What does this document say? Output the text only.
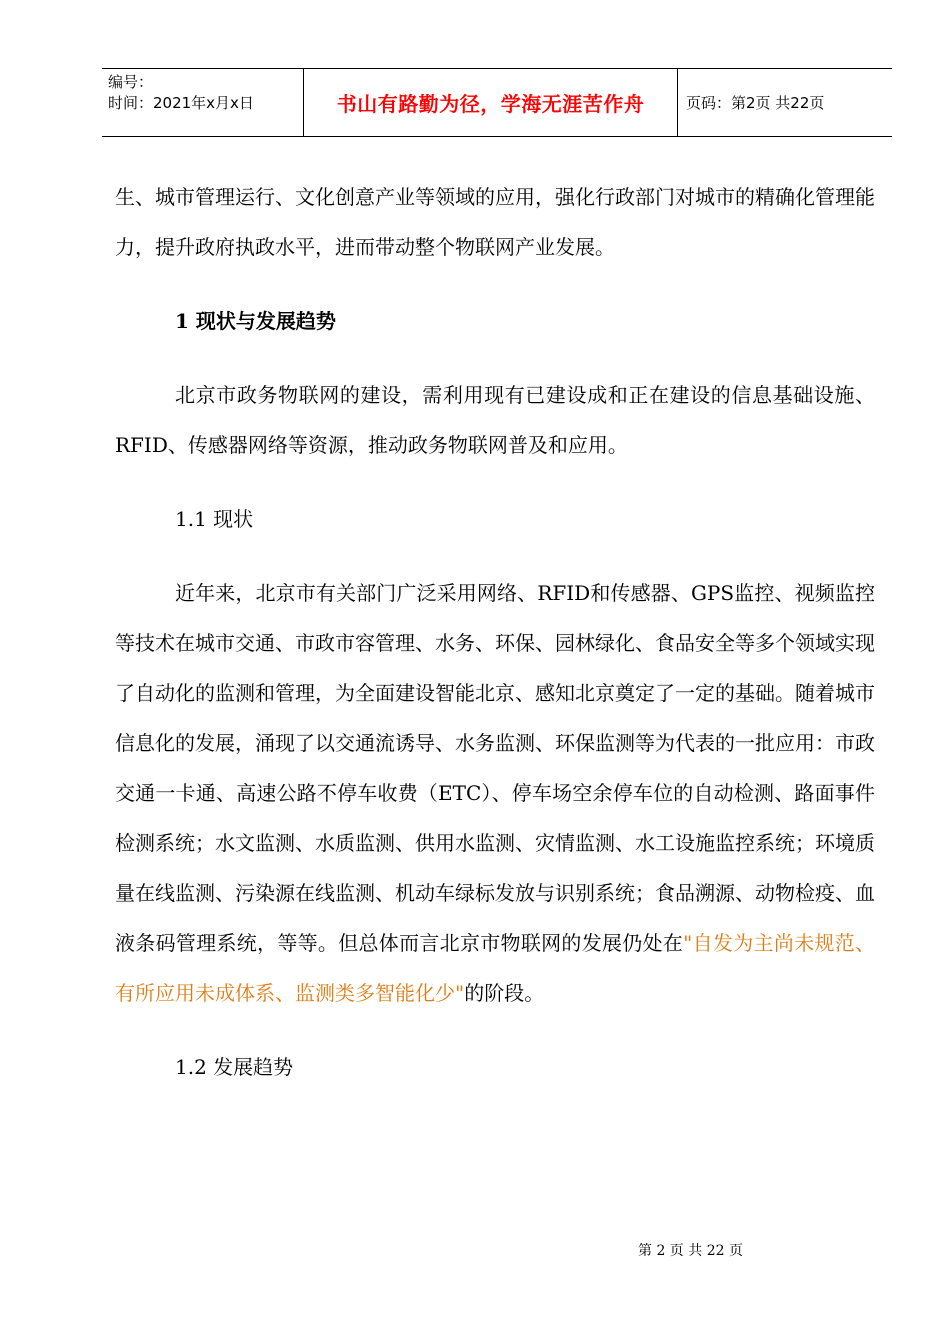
编号：
时间：2021年x月x日	书山有路勤为径，学海无涯苦作舟	页码：第2页 共22页

生、城市管理运行、文化创意产业等领域的应用，强化行政部门对城市的精确化管理能力，提升政府执政水平，进而带动整个物联网产业发展。

1 现状与发展趋势

北京市政务物联网的建设，需利用现有已建设成和正在建设的信息基础设施、RFID、传感器网络等资源，推动政务物联网普及和应用。

1.1 现状

近年来，北京市有关部门广泛采用网络、RFID和传感器、GPS监控、视频监控等技术在城市交通、市政市容管理、水务、环保、园林绿化、食品安全等多个领域实现了自动化的监测和管理，为全面建设智能北京、感知北京奠定了一定的基础。随着城市信息化的发展，涌现了以交通流诱导、水务监测、环保监测等为代表的一批应用：市政交通一卡通、高速公路不停车收费（ETC）、停车场空余停车位的自动检测、路面事件检测系统；水文监测、水质监测、供用水监测、灾情监测、水工设施监控系统；环境质量在线监测、污染源在线监测、机动车绿标发放与识别系统；食品溯源、动物检疫、血液条码管理系统，等等。但总体而言北京市物联网的发展仍处在"自发为主尚未规范、有所应用未成体系、监测类多智能化少"的阶段。

1.2 发展趋势

第 2 页 共 22 页
